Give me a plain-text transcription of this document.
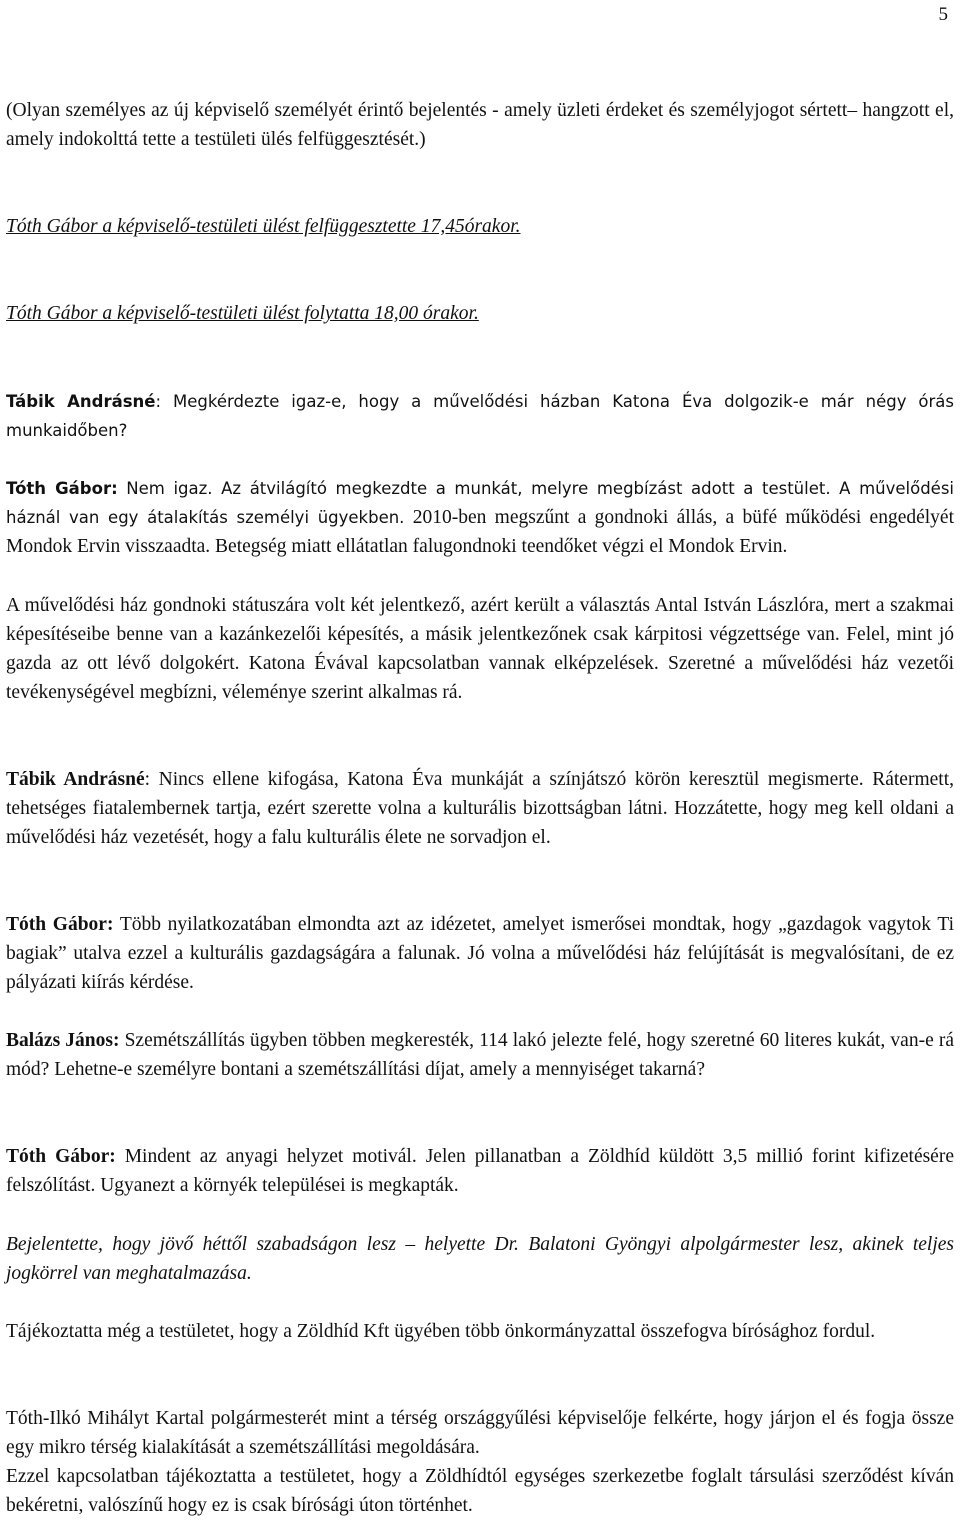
5

(Olyan személyes az új képviselő személyét érintő bejelentés - amely üzleti érdeket és személyjogot sértett– hangzott el, amely indokolttá tette a testületi ülés felfüggesztését.)

Tóth Gábor a képviselő-testületi ülést felfüggesztette 17,45órakor.

Tóth Gábor a képviselő-testületi ülést folytatta 18,00 órakor.

Tábik Andrásné: Megkérdezte igaz-e, hogy a művelődési házban Katona Éva dolgozik-e már négy órás munkaidőben?

Tóth Gábor: Nem igaz. Az átvilágító megkezdte a munkát, melyre megbízást adott a testület. A művelődési háznál van egy átalakítás személyi ügyekben. 2010-ben megszűnt a gondnoki állás, a büfé működési engedélyét Mondok Ervin visszaadta. Betegség miatt ellátatlan falugondnoki teendőket végzi el Mondok Ervin.

A művelődési ház gondnoki státuszára volt két jelentkező, azért került a választás Antal István Lászlóra, mert a szakmai képesítéseibe benne van a kazánkezelői képesítés, a másik jelentkezőnek csak kárpitosi végzettsége van. Felel, mint jó gazda az ott lévő dolgokért. Katona Évával kapcsolatban vannak elképzelések. Szeretné a művelődési ház vezetői tevékenységével megbízni, véleménye szerint alkalmas rá.

Tábik Andrásné: Nincs ellene kifogása, Katona Éva munkáját a színjátszó körön keresztül megismerte. Rátermett, tehetséges fiatalembernek tartja, ezért szerette volna a kulturális bizottságban látni. Hozzátette, hogy meg kell oldani a művelődési ház vezetését, hogy a falu kulturális élete ne sorvadjon el.

Tóth Gábor: Több nyilatkozatában elmondta azt az idézetet, amelyet ismerősei mondtak, hogy „gazdagok vagytok Ti bagiak” utalva ezzel a kulturális gazdagságára a falunak. Jó volna a művelődési ház felújítását is megvalósítani, de ez pályázati kiírás kérdése.

Balázs János: Szemétszállítás ügyben többen megkeresték, 114 lakó jelezte felé, hogy szeretné 60 literes kukát, van-e rá mód? Lehetne-e személyre bontani a szemétszállítási díjat, amely a mennyiséget takarná?

Tóth Gábor: Mindent az anyagi helyzet motivál. Jelen pillanatban a Zöldhíd küldött 3,5 millió forint kifizetésére felszólítást. Ugyanezt a környék települései is megkapták.

Bejelentette, hogy jövő héttől szabadságon lesz – helyette Dr. Balatoni Gyöngyi alpolgármester lesz, akinek teljes jogkörrel van meghatalmazása.

Tájékoztatta még a testületet, hogy a Zöldhíd Kft ügyében több önkormányzattal összefogva bírósághoz fordul.

Tóth-Ilkó Mihályt Kartal polgármesterét mint a térség országgyűlési képviselője felkérte, hogy járjon el és fogja össze egy mikro térség kialakítását a szemétszállítási megoldására.

Ezzel kapcsolatban tájékoztatta a testületet, hogy a Zöldhídtól egységes szerkezetbe foglalt társulási szerződést kíván bekéretni, valószínű hogy ez is csak bírósági úton történhet.
